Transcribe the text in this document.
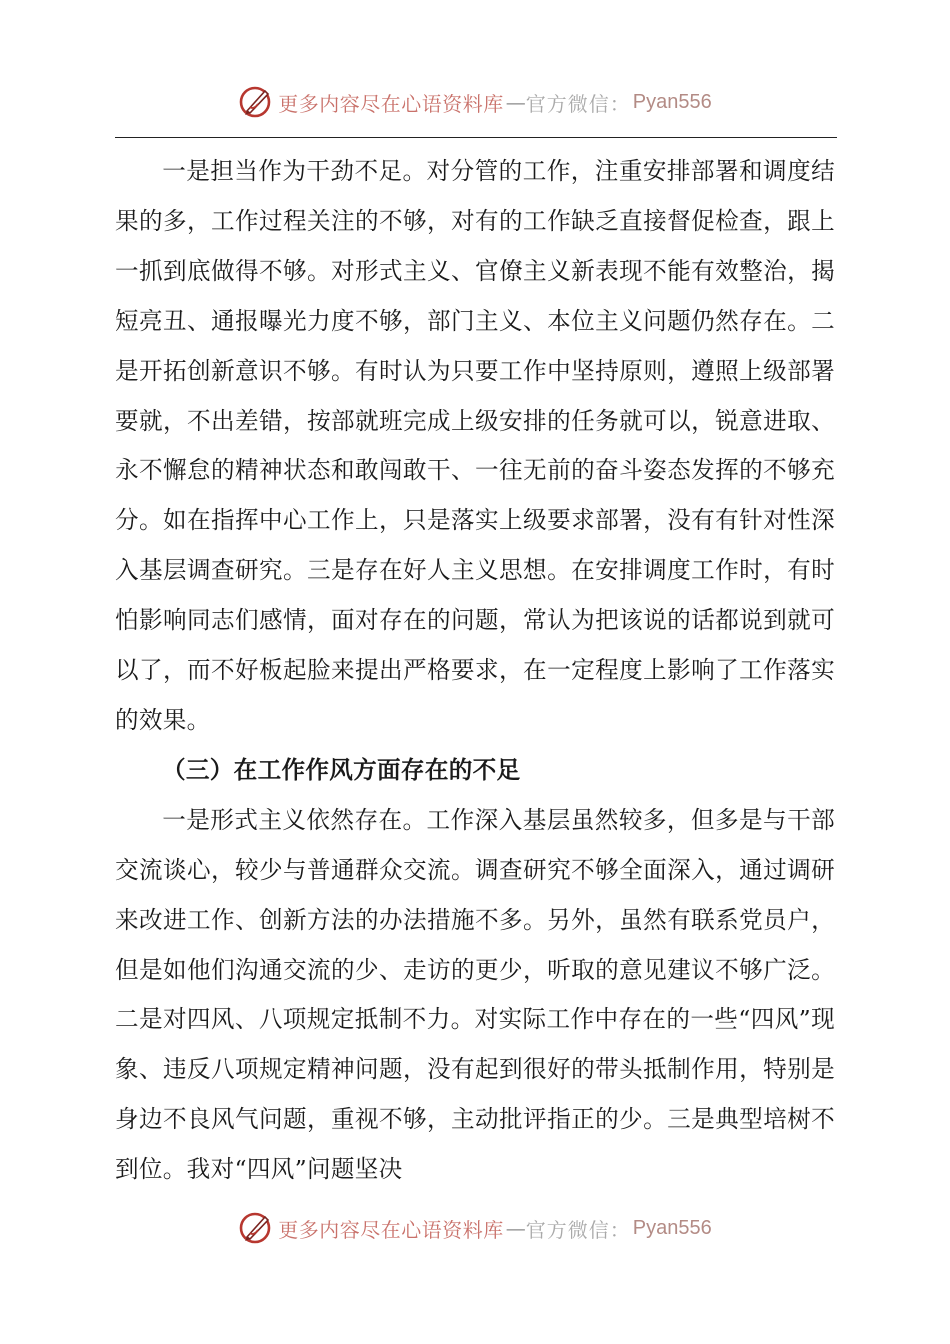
更多内容尽在心语资料库 — 官方微信： Pyan556

一是担当作为干劲不足。对分管的工作，注重安排部署和调度结果的多，工作过程关注的不够，对有的工作缺乏直接督促检查，跟上一抓到底做得不够。对形式主义、官僚主义新表现不能有效整治，揭短亮丑、通报曝光力度不够，部门主义、本位主义问题仍然存在。二是开拓创新意识不够。有时认为只要工作中坚持原则，遵照上级部署要就，不出差错，按部就班完成上级安排的任务就可以，锐意进取、永不懈怠的精神状态和敢闯敢干、一往无前的奋斗姿态发挥的不够充分。如在指挥中心工作上，只是落实上级要求部署，没有有针对性深入基层调查研究。三是存在好人主义思想。在安排调度工作时，有时怕影响同志们感情，面对存在的问题，常认为把该说的话都说到就可以了，而不好板起脸来提出严格要求，在一定程度上影响了工作落实的效果。

（三）在工作作风方面存在的不足

一是形式主义依然存在。工作深入基层虽然较多，但多是与干部交流谈心，较少与普通群众交流。调查研究不够全面深入，通过调研来改进工作、创新方法的办法措施不多。另外，虽然有联系党员户，但是如他们沟通交流的少、走访的更少，听取的意见建议不够广泛。二是对四风、八项规定抵制不力。对实际工作中存在的一些“四风”现象、违反八项规定精神问题，没有起到很好的带头抵制作用，特别是身边不良风气问题，重视不够，主动批评指正的少。三是典型培树不到位。我对“四风”问题坚决

更多内容尽在心语资料库 — 官方微信： Pyan556
